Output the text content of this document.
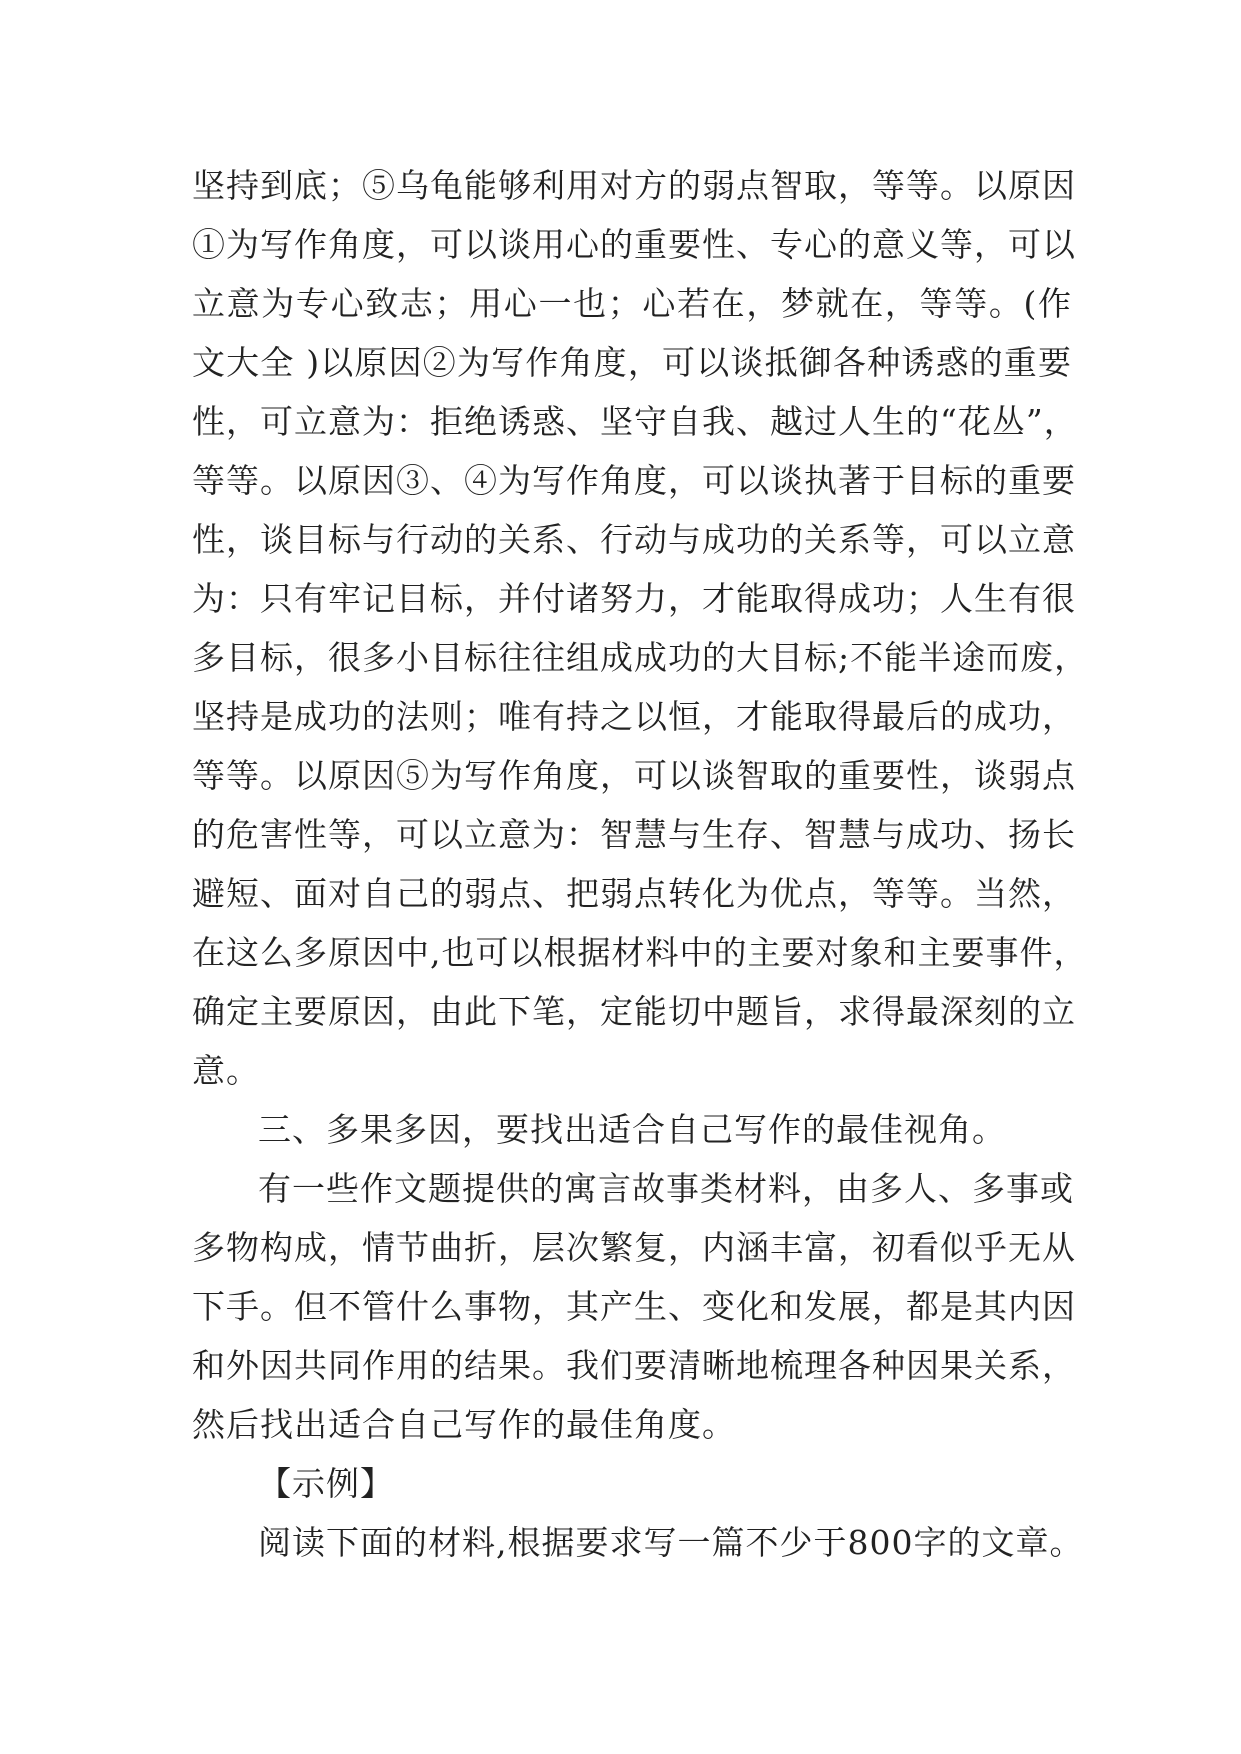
坚持到底；⑤乌龟能够利用对方的弱点智取，等等。以原因
①为写作角度，可以谈用心的重要性、专心的意义等，可以
立意为专心致志；用心一也；心若在，梦就在，等等。(作
文大全 )以原因②为写作角度，可以谈抵御各种诱惑的重要
性，可立意为：拒绝诱惑、坚守自我、越过人生的“花丛”，
等等。以原因③、④为写作角度，可以谈执著于目标的重要
性，谈目标与行动的关系、行动与成功的关系等，可以立意
为：只有牢记目标，并付诸努力，才能取得成功；人生有很
多目标，很多小目标往往组成成功的大目标;不能半途而废，
坚持是成功的法则；唯有持之以恒，才能取得最后的成功，
等等。以原因⑤为写作角度，可以谈智取的重要性，谈弱点
的危害性等，可以立意为：智慧与生存、智慧与成功、扬长
避短、面对自己的弱点、把弱点转化为优点，等等。当然，
在这么多原因中,也可以根据材料中的主要对象和主要事件，
确定主要原因，由此下笔，定能切中题旨，求得最深刻的立
意。
三、多果多因，要找出适合自己写作的最佳视角。
有一些作文题提供的寓言故事类材料，由多人、多事或
多物构成，情节曲折，层次繁复，内涵丰富，初看似乎无从
下手。但不管什么事物，其产生、变化和发展，都是其内因
和外因共同作用的结果。我们要清晰地梳理各种因果关系，
然后找出适合自己写作的最佳角度。
【示例】
阅读下面的材料,根据要求写一篇不少于800字的文章。
